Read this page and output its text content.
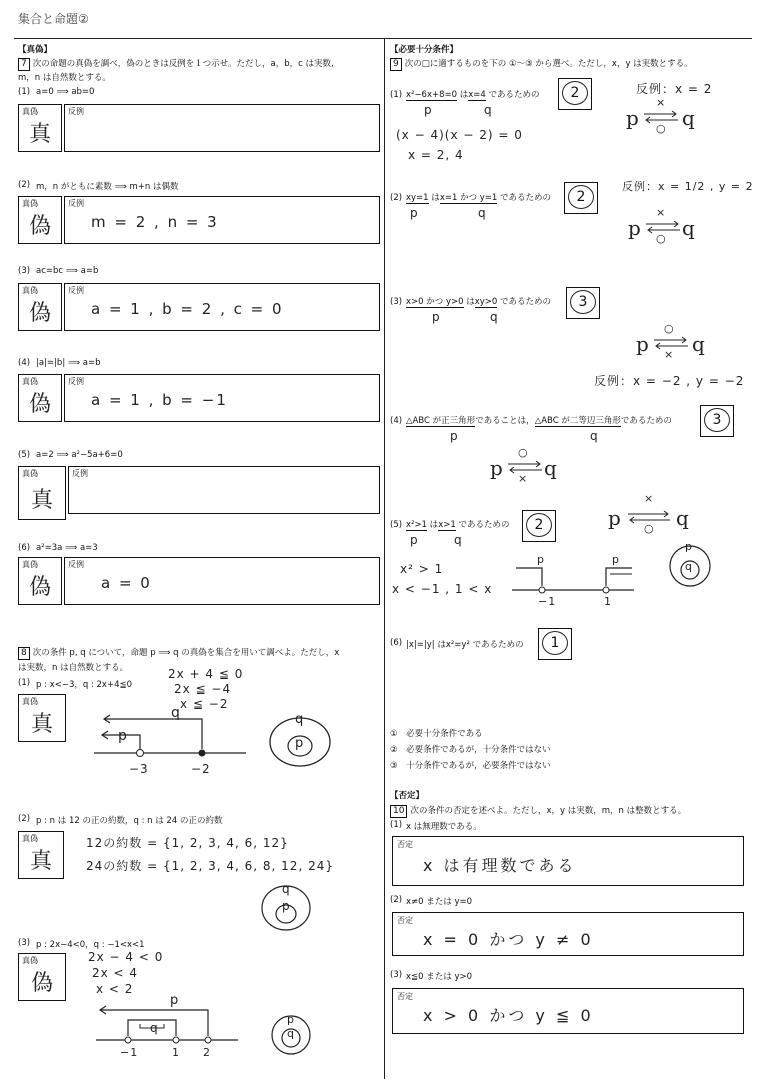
集合と命題②
【真偽】
7 次の命題の真偽を調べ，偽のときは反例を１つ示せ。ただし，a，b，c は実数,
m，n は自然数とする。
(1) a=0 ⟹ ab=0
真偽
真
反例
(2) m，n がともに素数 ⟹ m+n は偶数
真偽
偽
反例
m = 2 , n = 3
(3) ac=bc ⟹ a=b
真偽
偽
反例
a = 1 , b = 2 , c = 0
(4) |a|=|b| ⟹ a=b
真偽
偽
反例
a = 1 , b = −1
(5) a=2 ⟹ a²−5a+6=0
真偽
真
反例
(6) a²=3a ⟹ a=3
真偽
偽
反例
a = 0
8 次の条件 p, q について，命題 p ⟹ q の真偽を集合を用いて調べよ。ただし，x
は実数，n は自然数とする。
(1) p : x<−3，q : 2x+4≦0
真偽
真
2x + 4 ≦ 0
2x ≦ −4
x ≦ −2
q
p
−3	−2
q
p
(2) p : n は 12 の正の約数，q : n は 24 の正の約数
真偽
真
12の約数 = {1, 2, 3, 4, 6, 12}
24の約数 = {1, 2, 3, 4, 6, 8, 12, 24}
q
p
(3) p : 2x−4<0，q : −1<x<1
真偽
偽
2x − 4 < 0
2x < 4
x < 2
p
q
−1	1 2
p
q
【必要十分条件】
9 次の□に適するものを下の ①〜③ から選べ。ただし，x，y は実数とする。
(1) x²−6x+8=0 はx=4 であるための
p	q
2	反例：x = 2
(x − 4)(x − 2) = 0
x = 2, 4
p q
×
○
(2) xy=1 はx=1 かつ y=1 であるための
p	q
2
反例：x = 1/2 , y = 2
p q
×
○
(3) x>0 かつ y>0 はxy>0 であるための
p	q
3
p q
○
×
反例：x = −2 , y = −2
(4) △ABC が正三角形であることは，△ABC が二等辺三角形であるための
p	q
3
p q
○
×
(5) x²>1 はx>1 であるための
p	q
2	p	q
×
○
x² > 1
x < −1 , 1 < x
p	p
−1	1
p
q
(6) |x|=|y| はx²=y² であるための	1
①　 必要十分条件である
②　 必要条件であるが，十分条件ではない
③　 十分条件であるが，必要条件ではない
【否定】
10 次の条件の否定を述べよ。ただし，x，y は実数，m，n は整数とする。
(1) x は無理数である。
否定
x は有理数である
(2) x≠0 または y=0
否定
x = 0 かつ y ≠ 0
(3) x≦0 または y>0
否定
x > 0 かつ y ≦ 0
